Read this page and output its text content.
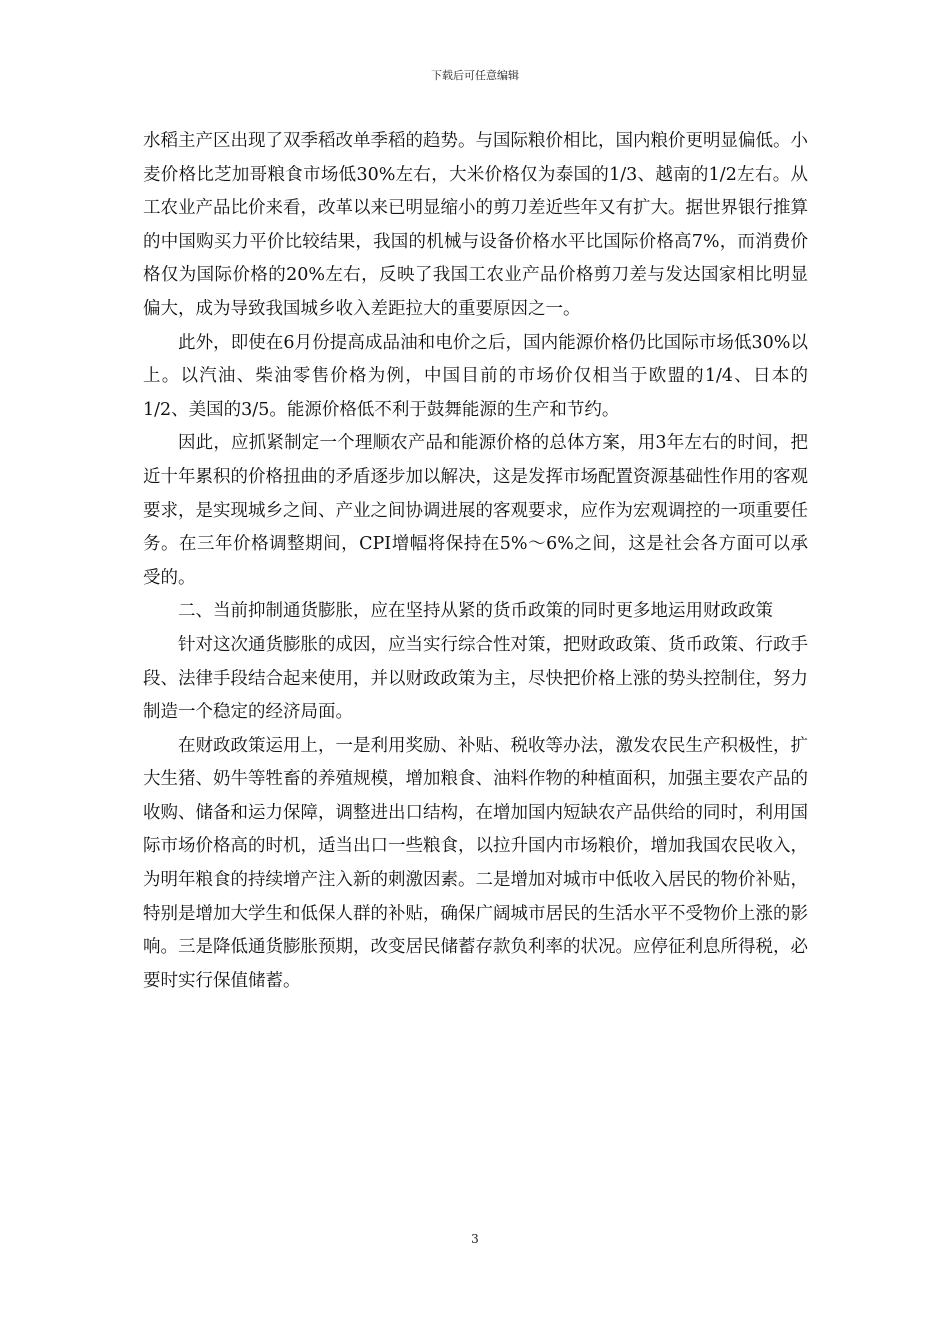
下载后可任意编辑

水稻主产区出现了双季稻改单季稻的趋势。与国际粮价相比，国内粮价更明显偏低。小麦价格比芝加哥粮食市场低30%左右，大米价格仅为泰国的1/3、越南的1/2左右。从工农业产品比价来看，改革以来已明显缩小的剪刀差近些年又有扩大。据世界银行推算的中国购买力平价比较结果，我国的机械与设备价格水平比国际价格高7%，而消费价格仅为国际价格的20%左右，反映了我国工农业产品价格剪刀差与发达国家相比明显偏大，成为导致我国城乡收入差距拉大的重要原因之一。

此外，即使在6月份提高成品油和电价之后，国内能源价格仍比国际市场低30%以上。以汽油、柴油零售价格为例，中国目前的市场价仅相当于欧盟的1/4、日本的1/2、美国的3/5。能源价格低不利于鼓舞能源的生产和节约。

因此，应抓紧制定一个理顺农产品和能源价格的总体方案，用3年左右的时间，把近十年累积的价格扭曲的矛盾逐步加以解决，这是发挥市场配置资源基础性作用的客观要求，是实现城乡之间、产业之间协调进展的客观要求，应作为宏观调控的一项重要任务。在三年价格调整期间，CPI增幅将保持在5%～6%之间，这是社会各方面可以承受的。

二、当前抑制通货膨胀，应在坚持从紧的货币政策的同时更多地运用财政政策

针对这次通货膨胀的成因，应当实行综合性对策，把财政政策、货币政策、行政手段、法律手段结合起来使用，并以财政政策为主，尽快把价格上涨的势头控制住，努力制造一个稳定的经济局面。

在财政政策运用上，一是利用奖励、补贴、税收等办法，激发农民生产积极性，扩大生猪、奶牛等牲畜的养殖规模，增加粮食、油料作物的种植面积，加强主要农产品的收购、储备和运力保障，调整进出口结构，在增加国内短缺农产品供给的同时，利用国际市场价格高的时机，适当出口一些粮食，以拉升国内市场粮价，增加我国农民收入，为明年粮食的持续增产注入新的刺激因素。二是增加对城市中低收入居民的物价补贴，特别是增加大学生和低保人群的补贴，确保广阔城市居民的生活水平不受物价上涨的影响。三是降低通货膨胀预期，改变居民储蓄存款负利率的状况。应停征利息所得税，必要时实行保值储蓄。

3
